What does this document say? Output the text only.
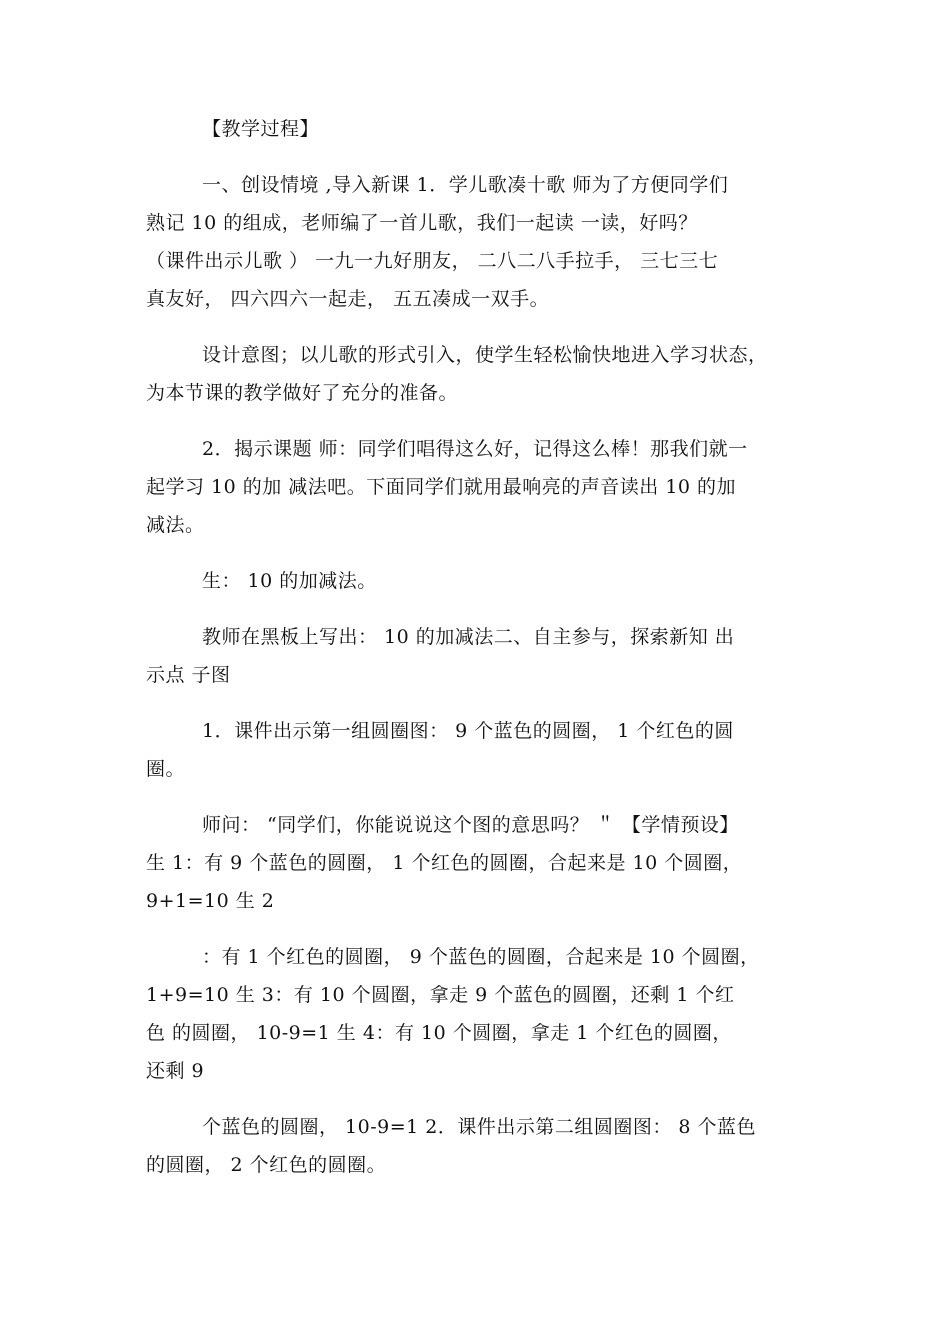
【教学过程】

一、创设情境 ,导入新课 1．学儿歌凑十歌 师为了方便同学们
熟记 10 的组成，老师编了一首儿歌，我们一起读 一读，好吗？
（课件出示儿歌 ） 一九一九好朋友， 二八二八手拉手， 三七三七
真友好， 四六四六一起走， 五五凑成一双手。

设计意图；以儿歌的形式引入，使学生轻松愉快地进入学习状态，
为本节课的教学做好了充分的准备。

2．揭示课题 师：同学们唱得这么好，记得这么棒！那我们就一
起学习 10 的加 减法吧。下面同学们就用最响亮的声音读出 10 的加
减法。

生： 10 的加减法。

教师在黑板上写出： 10 的加减法二、自主参与，探索新知 出
示点 子图

1．课件出示第一组圆圈图： 9 个蓝色的圆圈， 1 个红色的圆
圈。

师问： “同学们，你能说说这个图的意思吗？ ＂ 【学情预设】
生 1：有 9 个蓝色的圆圈， 1 个红色的圆圈，合起来是 10 个圆圈，
9+1=10 生 2

：有 1 个红色的圆圈， 9 个蓝色的圆圈，合起来是 10 个圆圈，
1+9=10 生 3：有 10 个圆圈，拿走 9 个蓝色的圆圈，还剩 1 个红
色 的圆圈， 10-9=1 生 4：有 10 个圆圈，拿走 1 个红色的圆圈，
还剩 9

个蓝色的圆圈， 10-9=1 2．课件出示第二组圆圈图： 8 个蓝色
的圆圈， 2 个红色的圆圈。
